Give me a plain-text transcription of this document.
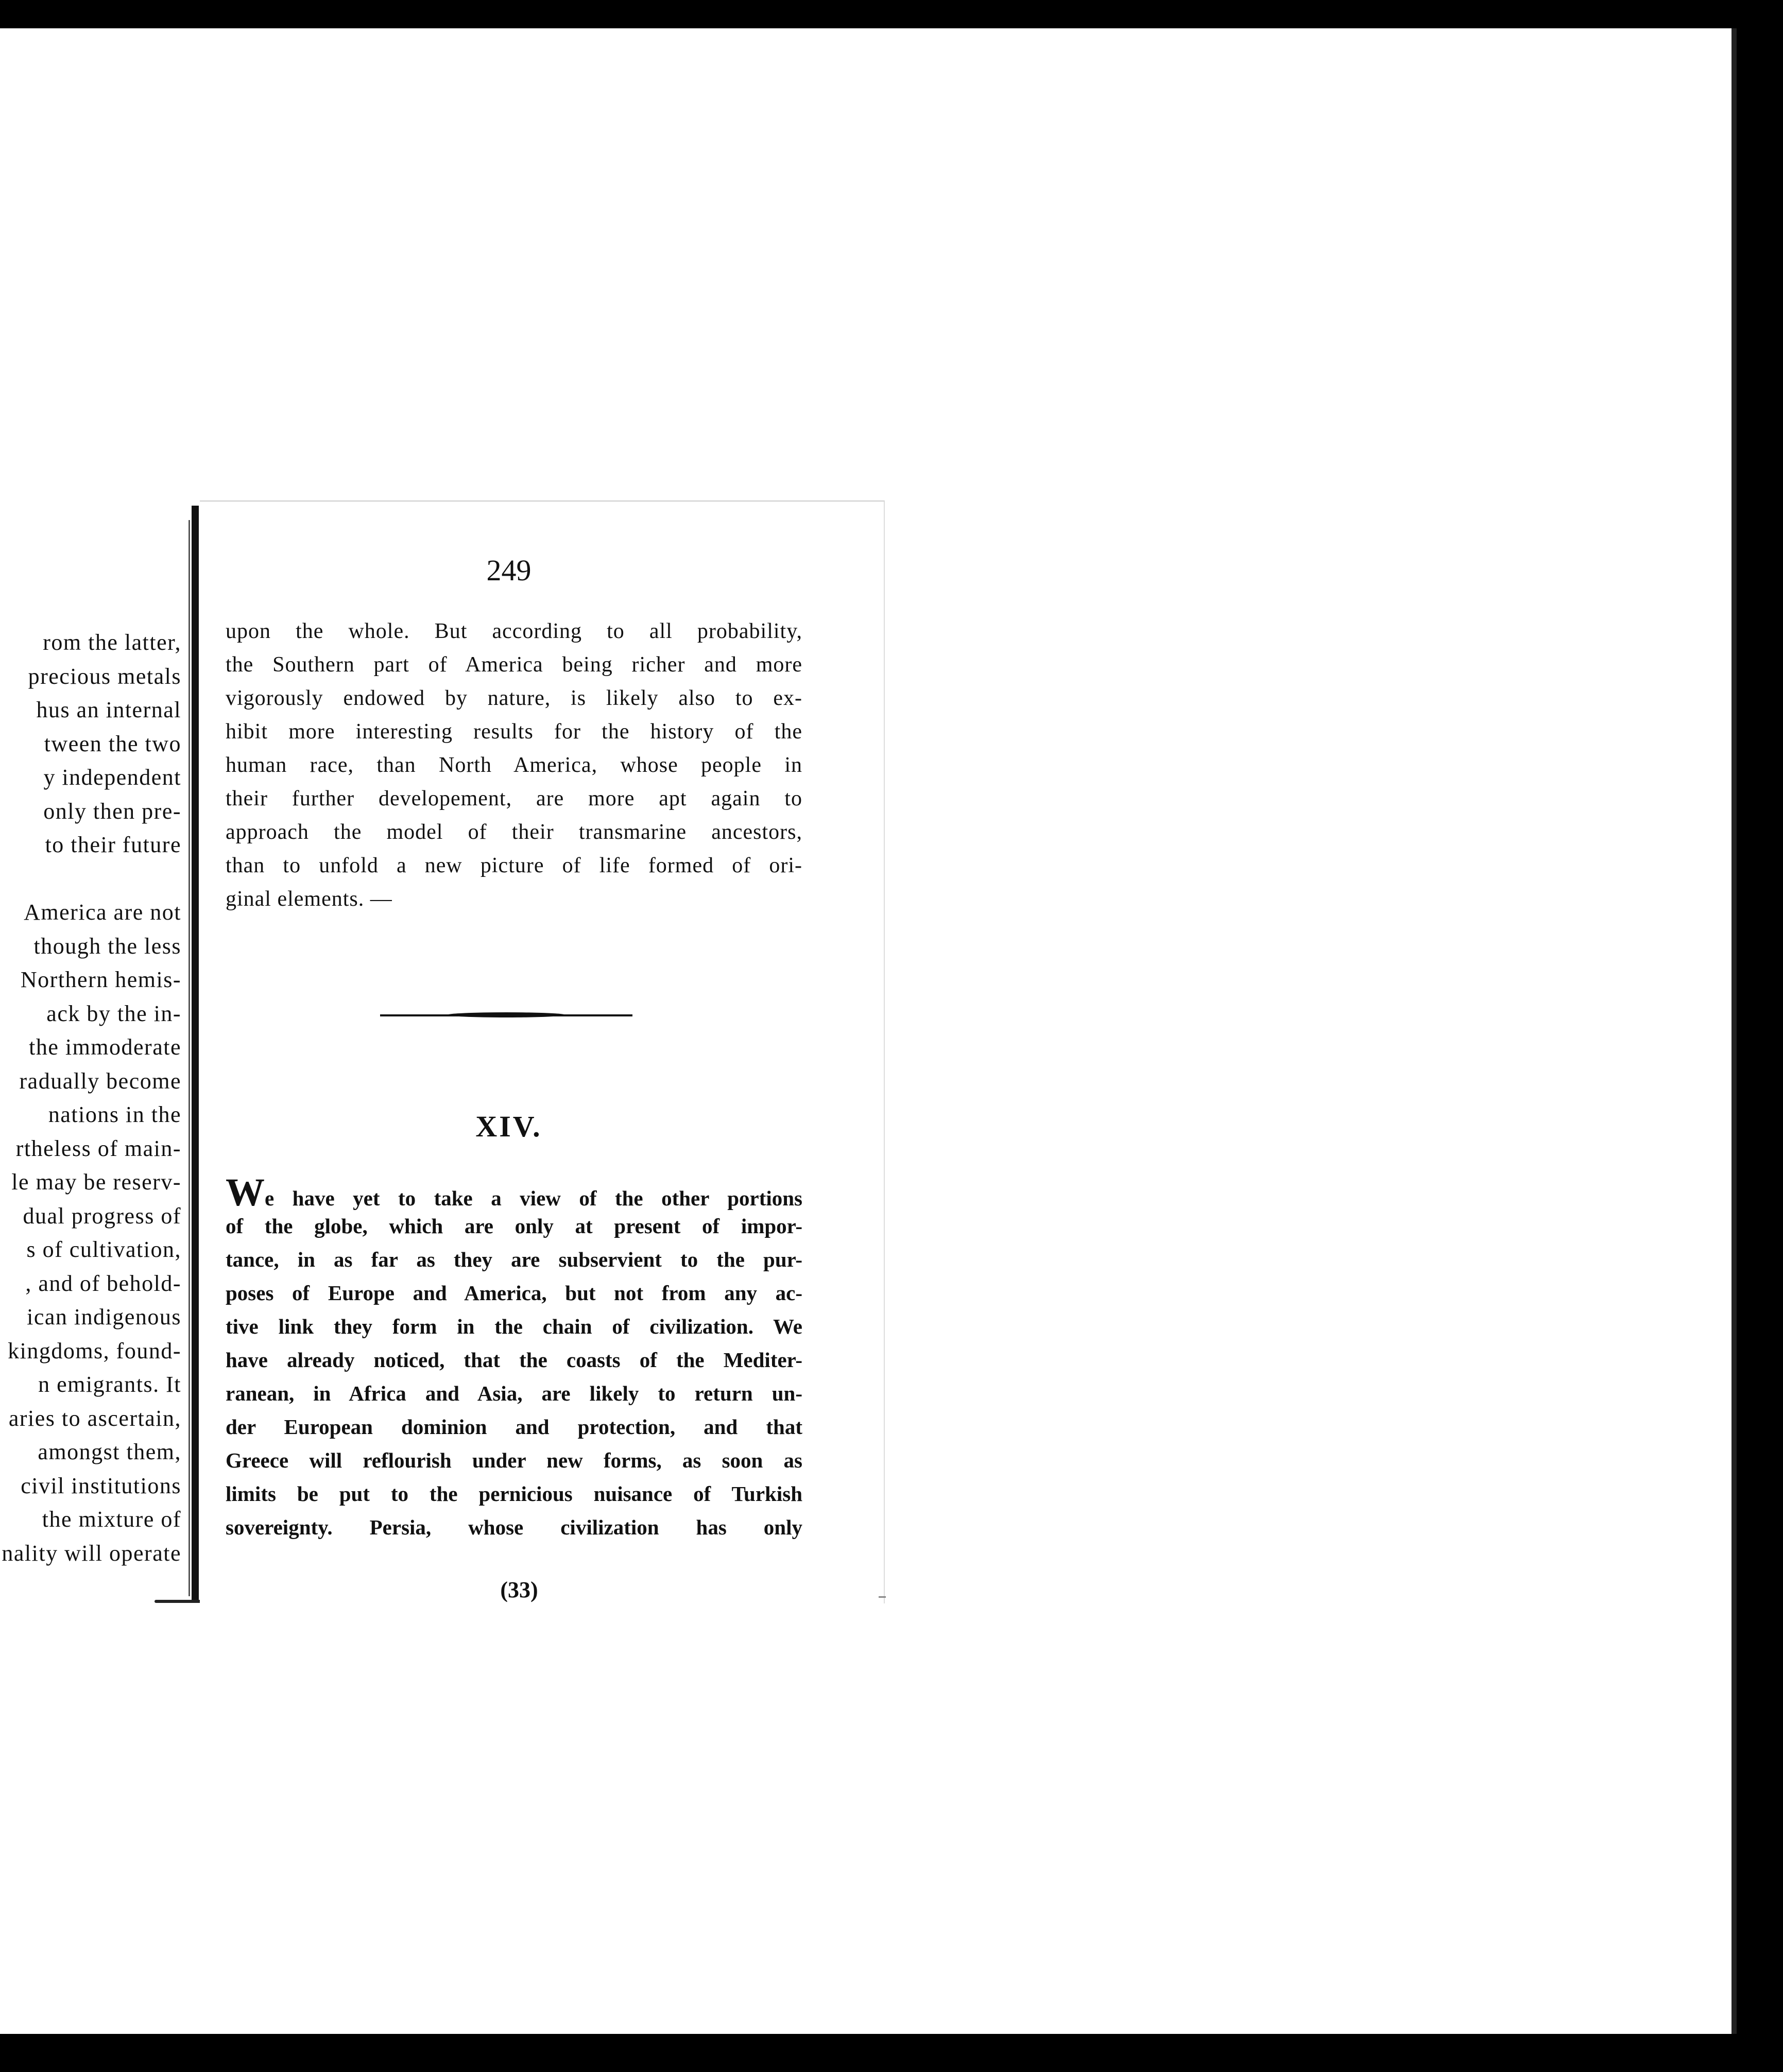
rom the latter,
precious metals
hus an internal
tween the two
y independent
only then pre-
to their future
America are not
though the less
Northern hemis-
ack by the in-
the immoderate
radually become
nations in the
rtheless of main-
le may be reserv-
dual progress of
s of cultivation,
, and of behold-
ican indigenous
kingdoms, found-
n emigrants. It
aries to ascertain,
amongst them,
civil institutions
the mixture of
nality will operate
249
upon the whole. But according to all probability,
the Southern part of America being richer and more
vigorously endowed by nature, is likely also to ex-
hibit more interesting results for the history of the
human race, than North America, whose people in
their further developement, are more apt again to
approach the model of their transmarine ancestors,
than to unfold a new picture of life formed of ori-
ginal elements. —
XIV.
We have yet to take a view of the other portions
of the globe, which are only at present of impor-
tance, in as far as they are subservient to the pur-
poses of Europe and America, but not from any ac-
tive link they form in the chain of civilization. We
have already noticed, that the coasts of the Mediter-
ranean, in Africa and Asia, are likely to return un-
der European dominion and protection, and that
Greece will reflourish under new forms, as soon as
limits be put to the pernicious nuisance of Turkish
sovereignty. Persia, whose civilization has only
(33)
